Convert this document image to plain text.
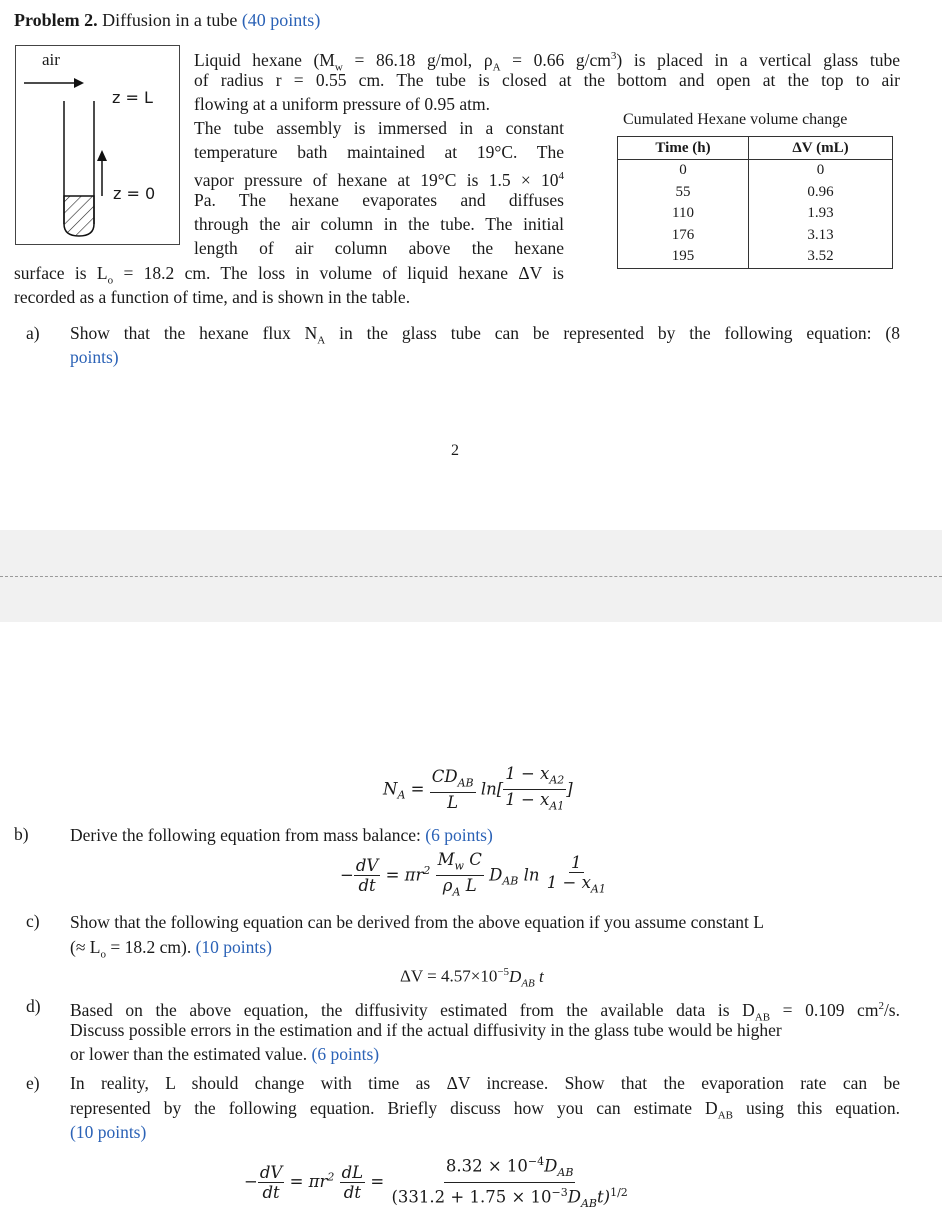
Problem 2. Diffusion in a tube (40 points)
air
z = L
z = 0
Liquid hexane ($M_w = 86.18$ g/mol, $\rho_A = 0.66$ $g/cm^3$) is placed in a vertical glass tube
of radius r = 0.55 cm. The tube is closed at the bottom and open at the top to air
flowing at a uniform pressure of 0.95 atm.
The tube assembly is immersed in a constant
temperature bath maintained at 19°C. The
vapor pressure of hexane at 19°C is $1.5 \times 10^4$
Pa. The hexane evaporates and diffuses
through the air column in the tube. The initial
length of air column above the hexane
surface is $L_o = 18.2$ cm. The loss in volume of liquid hexane ΔV is
recorded as a function of time, and is shown in the table.
Cumulated Hexane volume change
Time (h)	ΔV (mL)
0	0
55	0.96
110	1.93
176	3.13
195	3.52
a) Show that the hexane flux $N_A$ in the glass tube can be represented by the following equation: (8
points)
2
$N_A = \frac{CD_{AB}}{L} \ln[ \frac{1 - x_{A2}}{1 - x_{A1}}$ ]
b) Derive the following equation from mass balance: (6 points)
− $\frac{dV}{dt} = \pi r^2 \frac{M_w C}{\rho_A L} D_{AB}$ $\ln \frac{1}{1 - x_{A1}}$
c) Show that the following equation can be derived from the above equation if you assume constant L
(≈ $L_o = 18.2$ cm). (10 points)
$\Delta V = 4.57\times 10^{-5}D_{AB}$ t
d) Based on the above equation, the diffusivity estimated from the available data is $D_{AB} = 0.109$ $cm^2/s$.
Discuss possible errors in the estimation and if the actual diffusivity in the glass tube would be higher
or lower than the estimated value. (6 points)
e) In reality, L should change with time as ΔV increase. Show that the evaporation rate can be
represented by the following equation. Briefly discuss how you can estimate $D_{AB}$ using this equation.
(10 points)
− $\frac{dV}{dt} = \pi r^2 \frac{dL}{dt} = \frac{8.32 \times 10^{-4}D_{AB}}{(331.2 + 1.75 \times 10^{-3}D_{AB}t)^{1/2}}$
